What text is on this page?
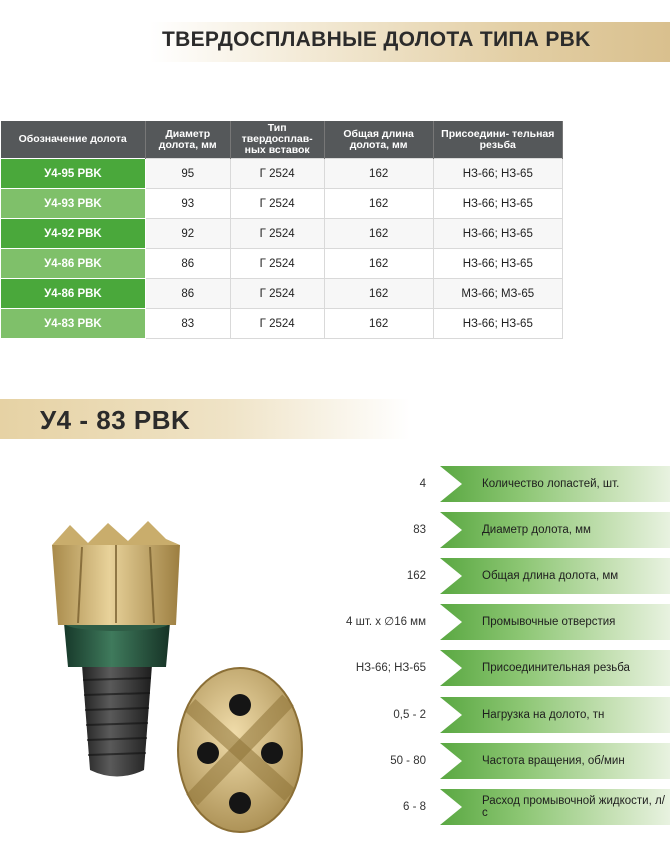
ТВЕРДОСПЛАВНЫЕ ДОЛОТА ТИПА PBK
Обозначение долота	Диаметр долота, мм	Тип твердосплав- ных вставок	Общая длина долота, мм	Присоедини- тельная резьба
У4-95 PBK	95	Г 2524	162	НЗ-66; НЗ-65
У4-93 PBK	93	Г 2524	162	НЗ-66; НЗ-65
У4-92 PBK	92	Г 2524	162	НЗ-66; НЗ-65
У4-86 PBK	86	Г 2524	162	НЗ-66; НЗ-65
У4-86 PBK	86	Г 2524	162	МЗ-66; МЗ-65
У4-83 PBK	83	Г 2524	162	НЗ-66; НЗ-65
У4 - 83 PBK
4	Количество лопастей, шт.
83	Диаметр долота, мм
162	Общая длина долота, мм
4 шт. х ∅16 мм	Промывочные отверстия
НЗ-66; НЗ-65	Присоединительная резьба
0,5 - 2	Нагрузка на долото, тн
50 - 80	Частота вращения, об/мин
6 - 8	Расход промывочной жидкости, л/с
